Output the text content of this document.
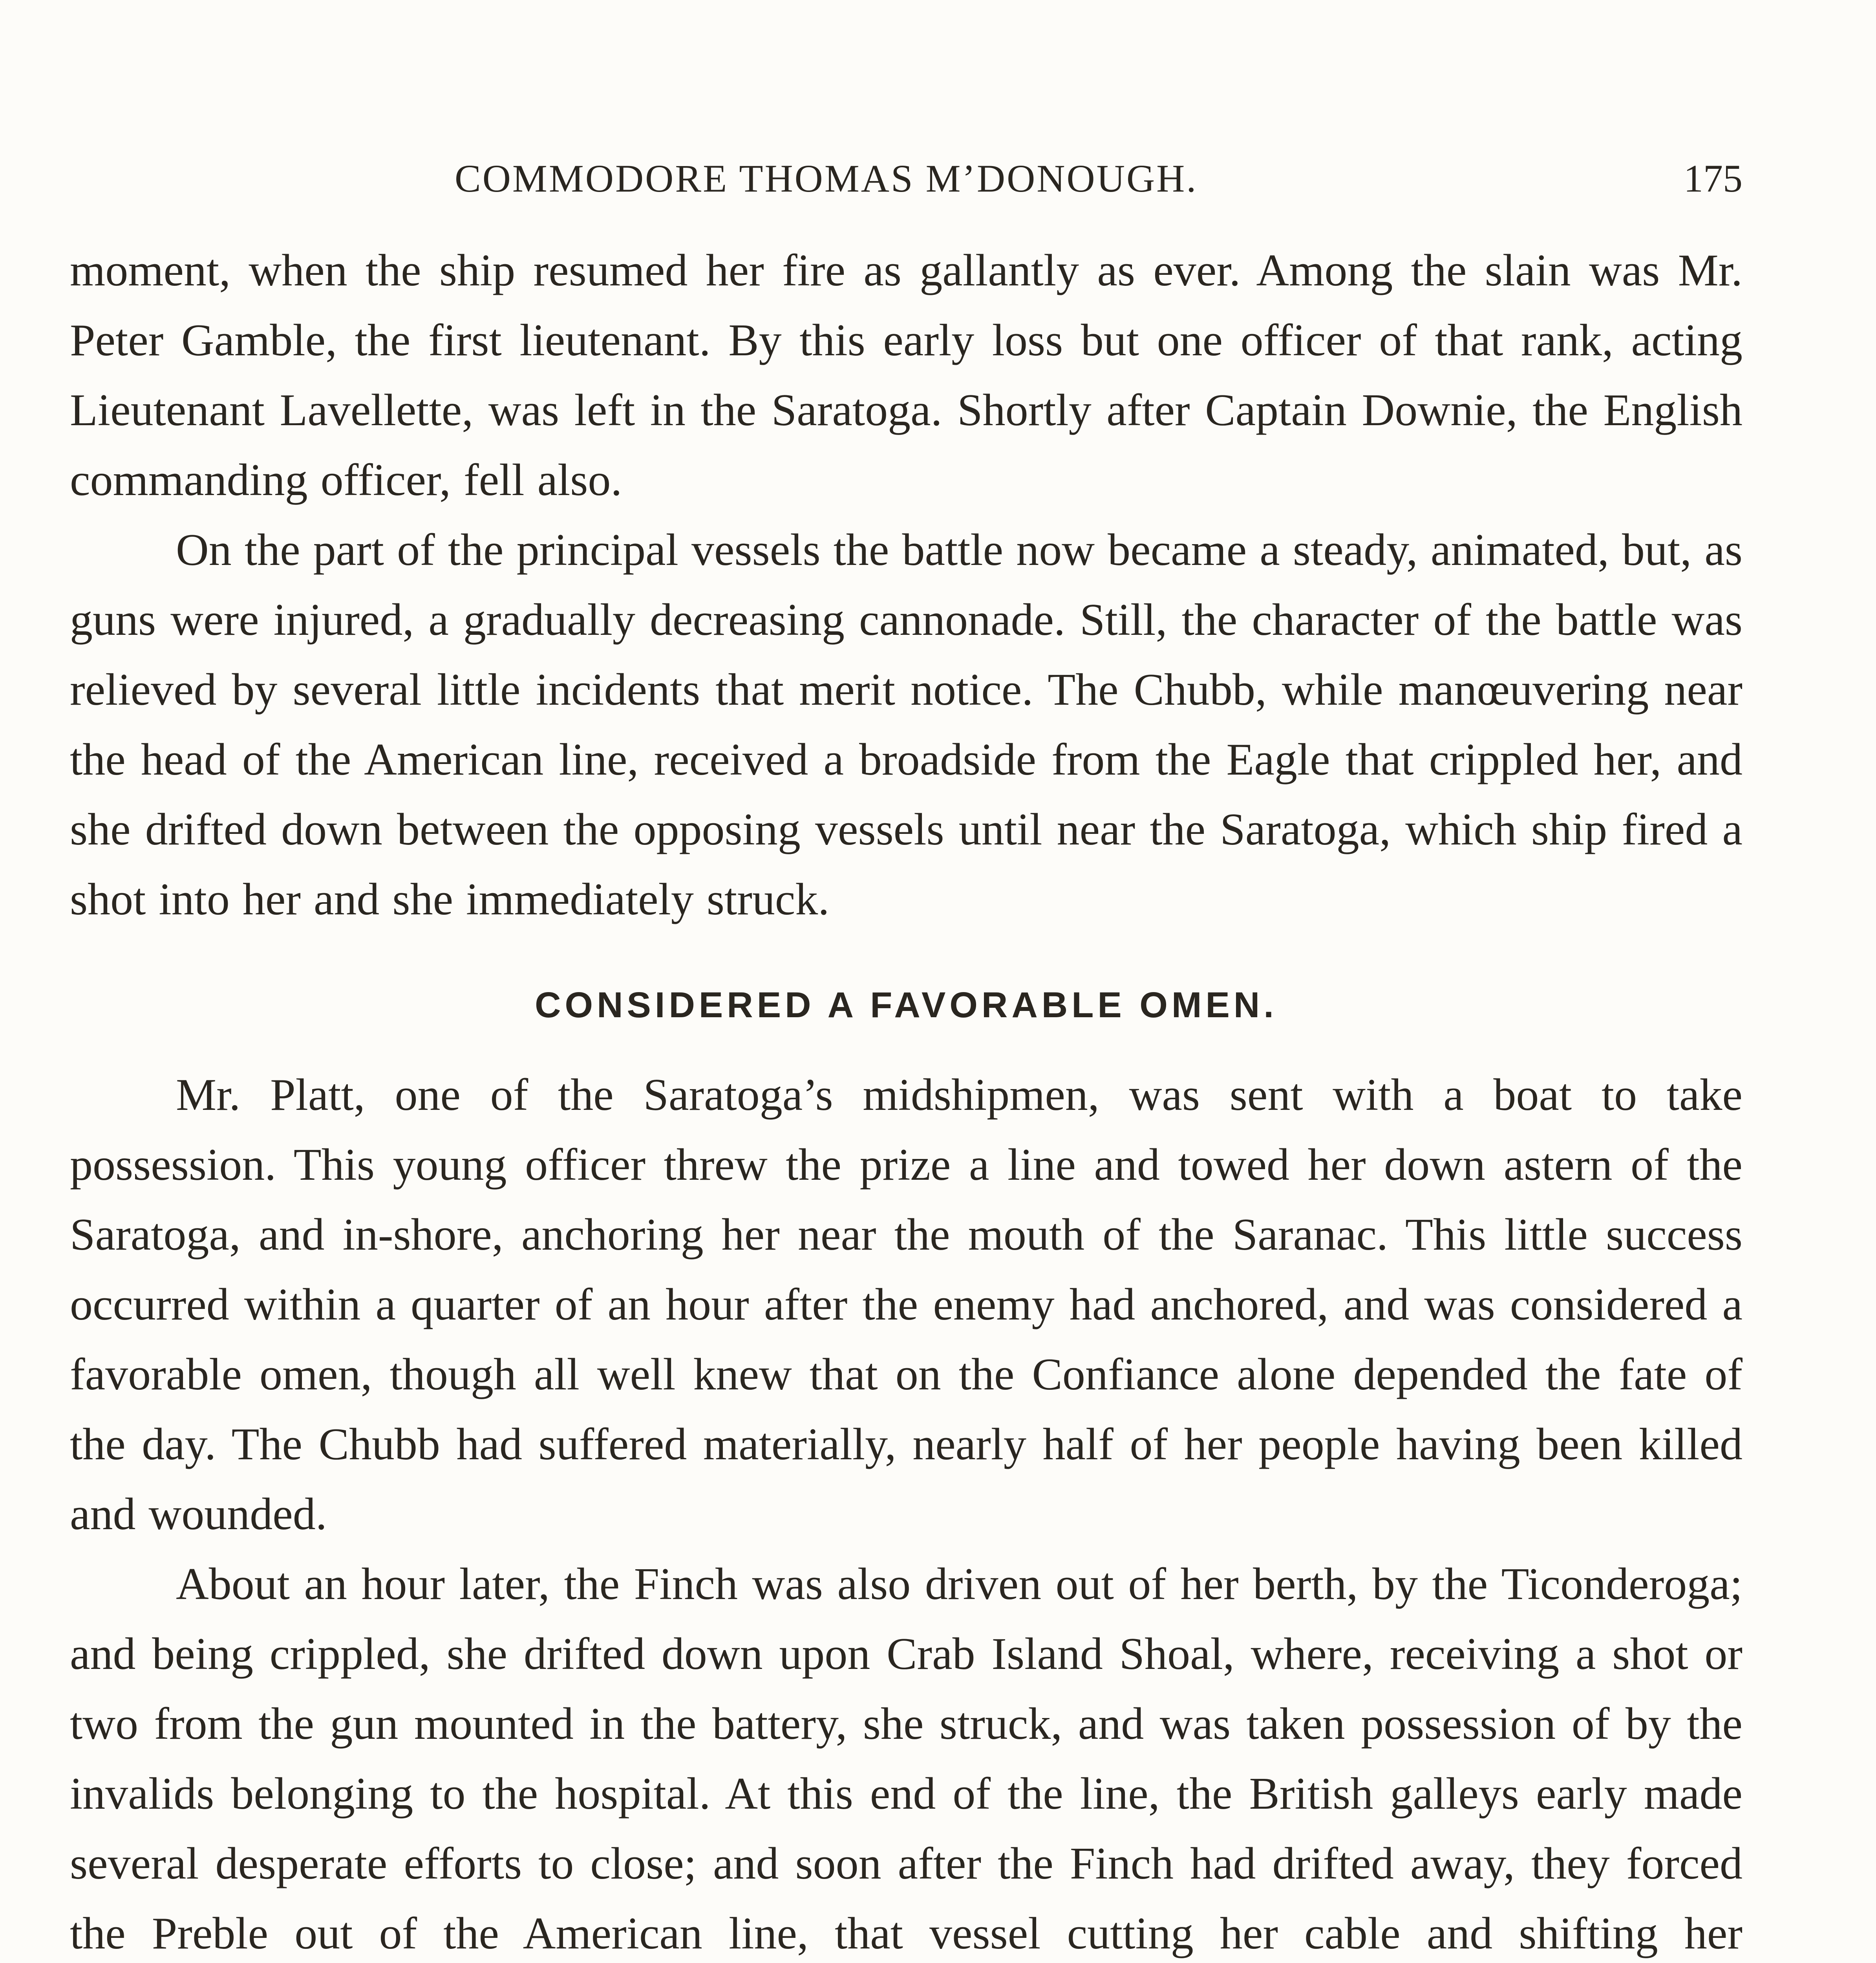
COMMODORE THOMAS M’DONOUGH.	175

moment, when the ship resumed her fire as gallantly as ever. Among the slain was Mr. Peter Gamble, the first lieutenant. By this early loss but one officer of that rank, acting Lieutenant Lavellette, was left in the Saratoga. Shortly after Captain Downie, the English commanding officer, fell also.

On the part of the principal vessels the battle now became a steady, animated, but, as guns were injured, a gradually decreasing cannonade. Still, the character of the battle was relieved by several little incidents that merit notice. The Chubb, while manœuvering near the head of the American line, received a broadside from the Eagle that crippled her, and she drifted down between the opposing vessels until near the Saratoga, which ship fired a shot into her and she immediately struck.

CONSIDERED A FAVORABLE OMEN.

Mr. Platt, one of the Saratoga’s midshipmen, was sent with a boat to take possession. This young officer threw the prize a line and towed her down astern of the Saratoga, and in-shore, anchoring her near the mouth of the Saranac. This little success occurred within a quarter of an hour after the enemy had anchored, and was considered a favorable omen, though all well knew that on the Confiance alone depended the fate of the day. The Chubb had suffered materially, nearly half of her people having been killed and wounded.

About an hour later, the Finch was also driven out of her berth, by the Ticonderoga; and being crippled, she drifted down upon Crab Island Shoal, where, receiving a shot or two from the gun mounted in the battery, she struck, and was taken possession of by the invalids belonging to the hospital. At this end of the line, the British galleys early made several desperate efforts to close; and soon after the Finch had drifted away, they forced the Preble out of the American line, that vessel cutting her cable and shifting her
